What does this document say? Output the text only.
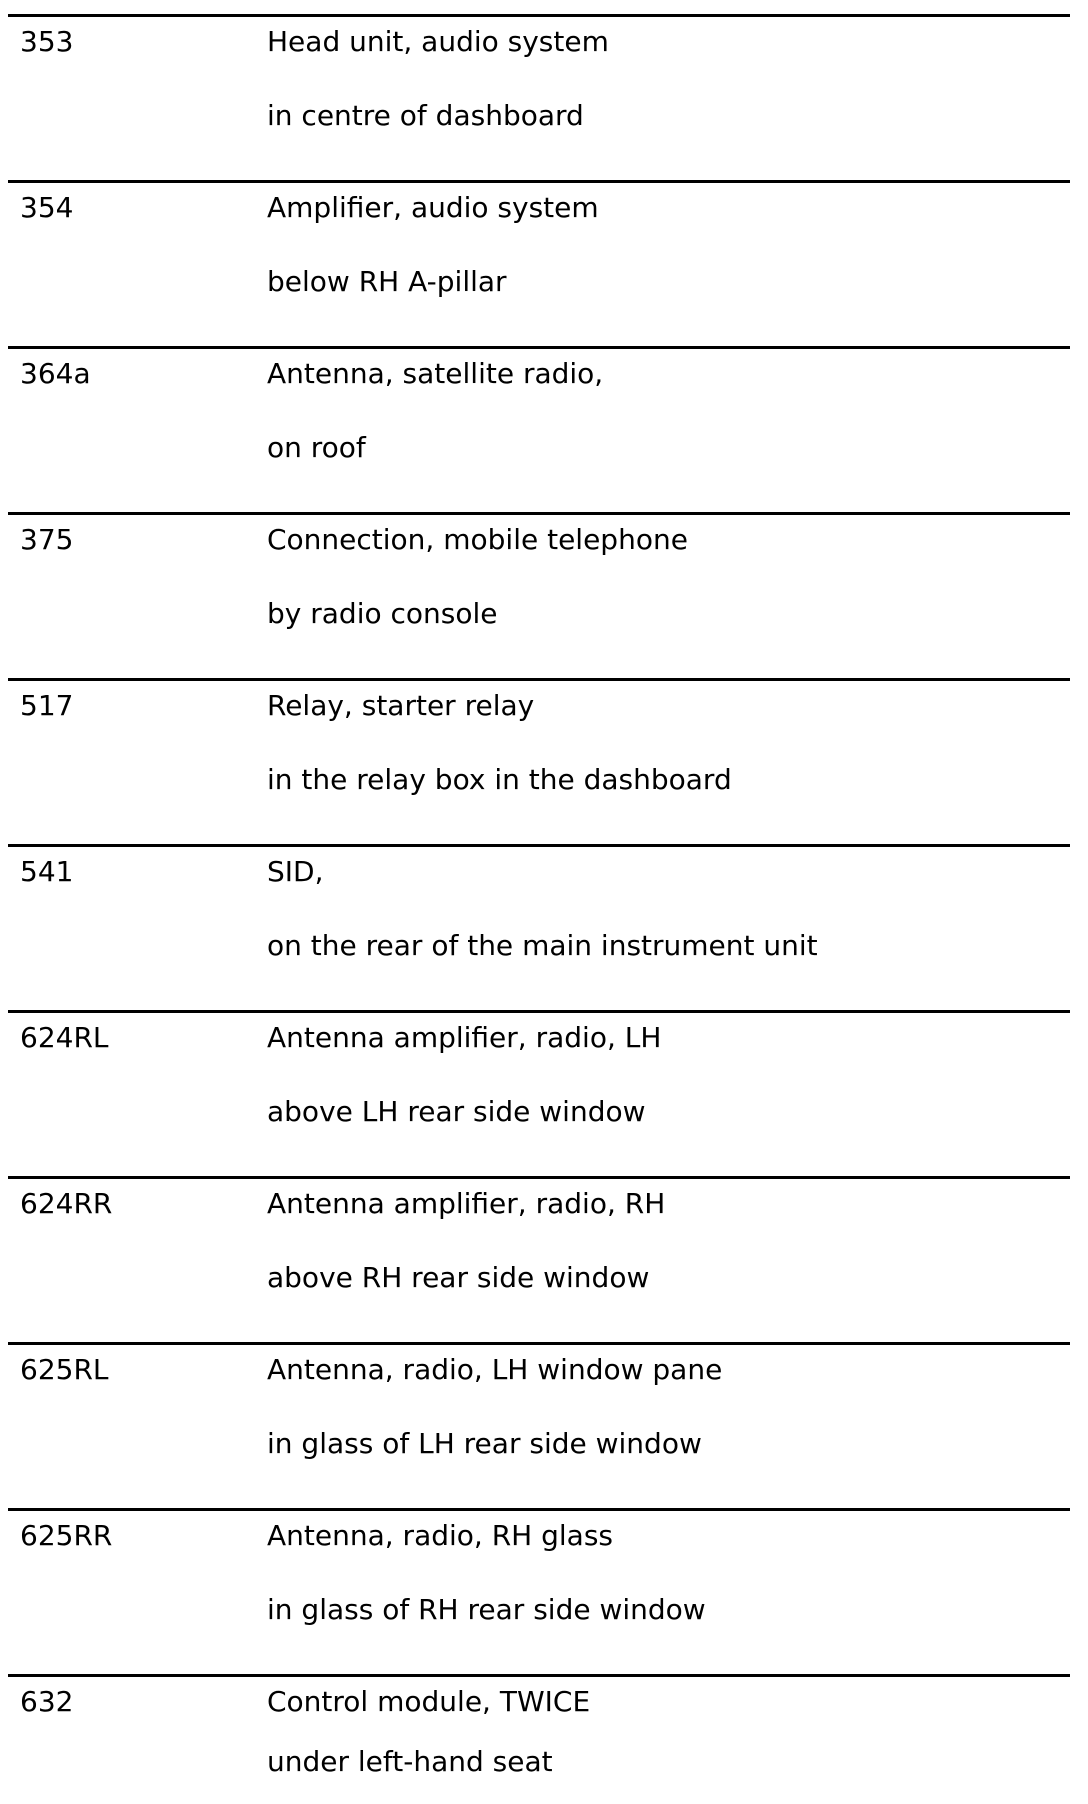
353	Head unit, audio system
in centre of dashboard
354	Amplifier, audio system
below RH A-pillar
364a	Antenna, satellite radio,
on roof
375	Connection, mobile telephone
by radio console
517	Relay, starter relay
in the relay box in the dashboard
541	SID,
on the rear of the main instrument unit
624RL	Antenna amplifier, radio, LH
above LH rear side window
624RR	Antenna amplifier, radio, RH
above RH rear side window
625RL	Antenna, radio, LH window pane
in glass of LH rear side window
625RR	Antenna, radio, RH glass
in glass of RH rear side window
632	Control module, TWICE
under left-hand seat
